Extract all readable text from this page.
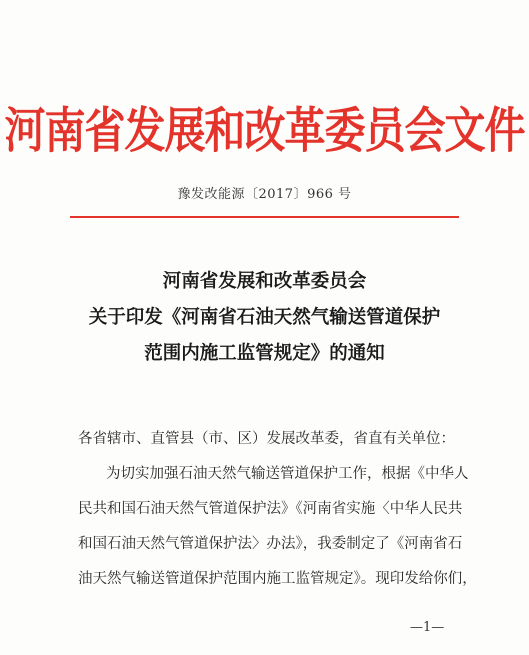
河南省发展和改革委员会文件
豫发改能源〔2017〕966 号
河南省发展和改革委员会
关于印发《河南省石油天然气输送管道保护
范围内施工监管规定》的通知
各省辖市、直管县（市、区）发展改革委，省直有关单位：
为切实加强石油天然气输送管道保护工作，根据《中华人
民共和国石油天然气管道保护法》《河南省实施〈中华人民共
和国石油天然气管道保护法〉办法》，我委制定了《河南省石
油天然气输送管道保护范围内施工监管规定》。现印发给你们，
—1—
